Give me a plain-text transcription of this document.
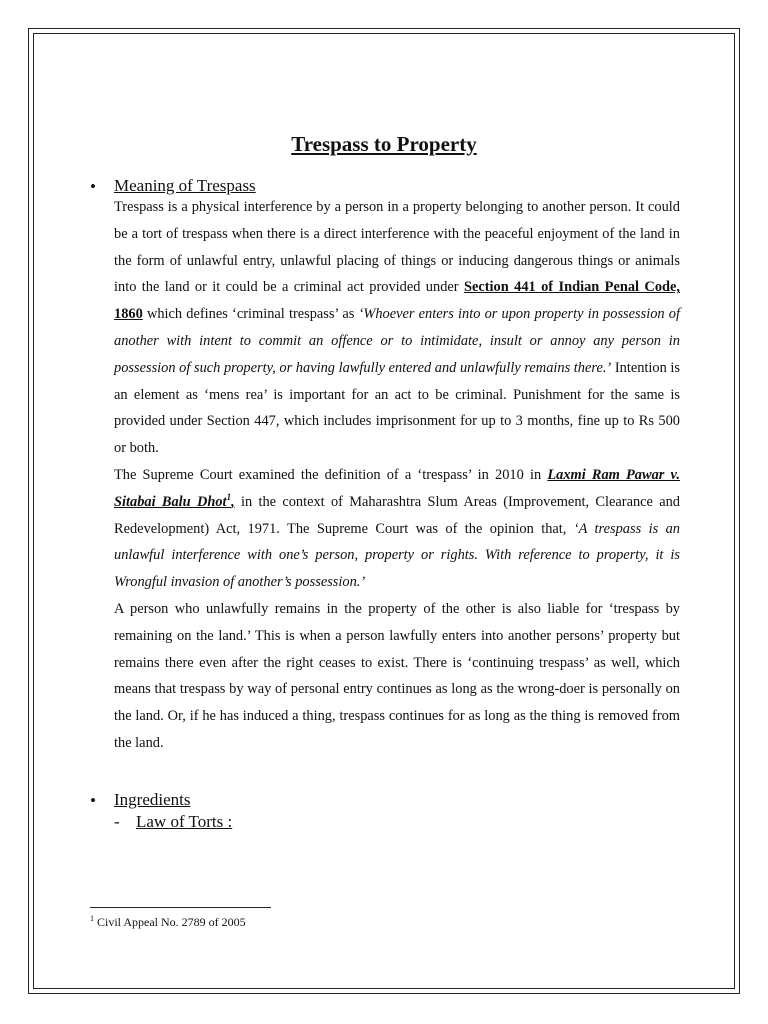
Trespass to Property
• Meaning of Trespass

Trespass is a physical interference by a person in a property belonging to another person. It could be a tort of trespass when there is a direct interference with the peaceful enjoyment of the land in the form of unlawful entry, unlawful placing of things or inducing dangerous things or animals into the land or it could be a criminal act provided under Section 441 of Indian Penal Code, 1860 which defines ‘criminal trespass’ as ‘Whoever enters into or upon property in possession of another with intent to commit an offence or to intimidate, insult or annoy any person in possession of such property, or having lawfully entered and unlawfully remains there.’ Intention is an element as ‘mens rea’ is important for an act to be criminal. Punishment for the same is provided under Section 447, which includes imprisonment for up to 3 months, fine up to Rs 500 or both.

The Supreme Court examined the definition of a ‘trespass’ in 2010 in Laxmi Ram Pawar v. Sitabai Balu Dhot$^1$, in the context of Maharashtra Slum Areas (Improvement, Clearance and Redevelopment) Act, 1971. The Supreme Court was of the opinion that, ‘A trespass is an unlawful interference with one’s person, property or rights. With reference to property, it is Wrongful invasion of another’s possession.’

A person who unlawfully remains in the property of the other is also liable for ‘trespass by remaining on the land.’ This is when a person lawfully enters into another persons’ property but remains there even after the right ceases to exist. There is ‘continuing trespass’ as well, which means that trespass by way of personal entry continues as long as the wrong-doer is personally on the land. Or, if he has induced a thing, trespass continues for as long as the thing is removed from the land.

• Ingredients
- Law of Torts :
$^1$ Civil Appeal No. 2789 of 2005
